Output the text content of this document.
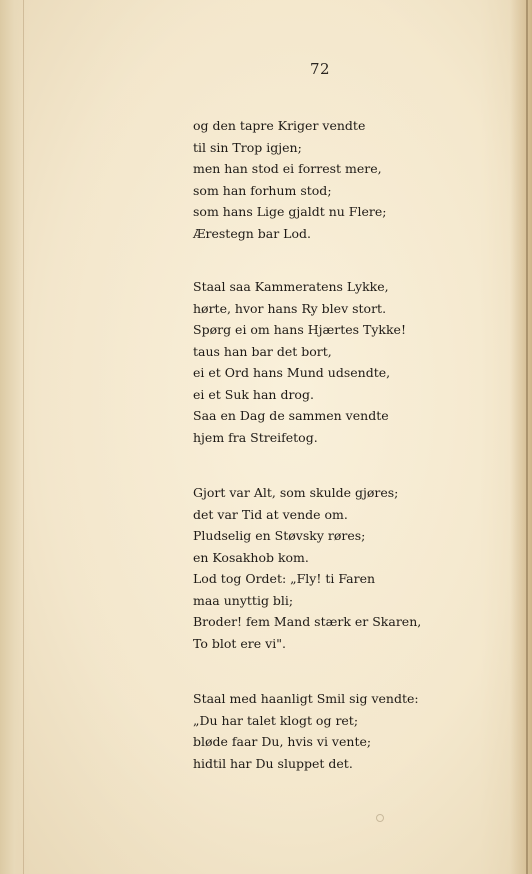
72
og den tapre Kriger vendte
til sin Trop igjen;
men han stod ei forrest mere,
som han forhum stod;
som hans Lige gjaldt nu Flere;
Ærestegn bar Lod.
Staal saa Kammeratens Lykke,
hørte, hvor hans Ry blev stort.
Spørg ei om hans Hjærtes Tykke!
taus han bar det bort,
ei et Ord hans Mund udsendte,
ei et Suk han drog.
Saa en Dag de sammen vendte
hjem fra Streifetog.
Gjort var Alt, som skulde gjøres;
det var Tid at vende om.
Pludselig en Støvsky røres;
en Kosakhob kom.
Lod tog Ordet: „Fly! ti Faren
maa unyttig bli;
Broder! fem Mand stærk er Skaren,
To blot ere vi".
Staal med haanligt Smil sig vendte:
„Du har talet klogt og ret;
blødе faar Du, hvis vi vente;
hidtil har Du sluppet det.
